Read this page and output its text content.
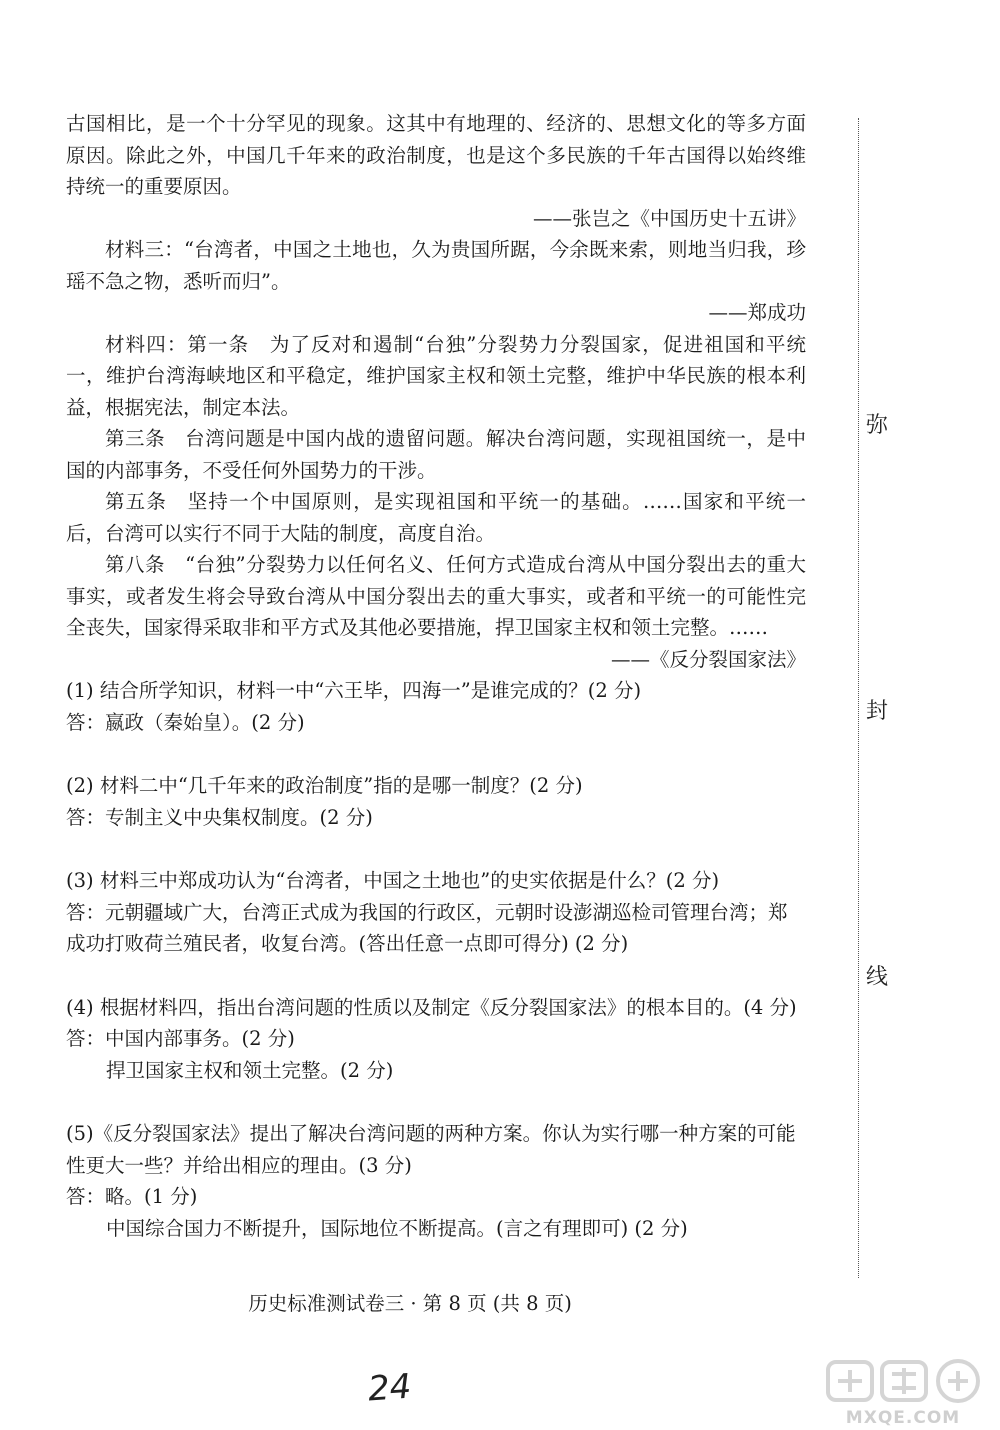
古国相比，是一个十分罕见的现象。这其中有地理的、经济的、思想文化的等多方面原因。除此之外，中国几千年来的政治制度，也是这个多民族的千年古国得以始终维持统一的重要原因。

——张岂之《中国历史十五讲》

材料三：“台湾者，中国之土地也，久为贵国所踞，今余既来索，则地当归我，珍瑶不急之物，悉听而归”。

——郑成功

材料四：第一条　为了反对和遏制“台独”分裂势力分裂国家，促进祖国和平统一，维护台湾海峡地区和平稳定，维护国家主权和领土完整，维护中华民族的根本利益，根据宪法，制定本法。

第三条　台湾问题是中国内战的遗留问题。解决台湾问题，实现祖国统一，是中国的内部事务，不受任何外国势力的干涉。

第五条　坚持一个中国原则，是实现祖国和平统一的基础。……国家和平统一后，台湾可以实行不同于大陆的制度，高度自治。

第八条　“台独”分裂势力以任何名义、任何方式造成台湾从中国分裂出去的重大事实，或者发生将会导致台湾从中国分裂出去的重大事实，或者和平统一的可能性完全丧失，国家得采取非和平方式及其他必要措施，捍卫国家主权和领土完整。……

——《反分裂国家法》

(1) 结合所学知识，材料一中“六王毕，四海一”是谁完成的？(2 分)

答：嬴政（秦始皇）。(2 分)

(2) 材料二中“几千年来的政治制度”指的是哪一制度？(2 分)

答：专制主义中央集权制度。(2 分)

(3) 材料三中郑成功认为“台湾者，中国之土地也”的史实依据是什么？(2 分)

答：元朝疆域广大，台湾正式成为我国的行政区，元朝时设澎湖巡检司管理台湾；郑成功打败荷兰殖民者，收复台湾。(答出任意一点即可得分) (2 分)

(4) 根据材料四，指出台湾问题的性质以及制定《反分裂国家法》的根本目的。(4 分)

答：中国内部事务。(2 分)

捍卫国家主权和领土完整。(2 分)

(5)《反分裂国家法》提出了解决台湾问题的两种方案。你认为实行哪一种方案的可能性更大一些？并给出相应的理由。(3 分)

答：略。(1 分)

中国综合国力不断提升，国际地位不断提高。(言之有理即可) (2 分)

弥
封
线
历史标准测试卷三 · 第 8 页 (共 8 页)
24
MXQE.COM
